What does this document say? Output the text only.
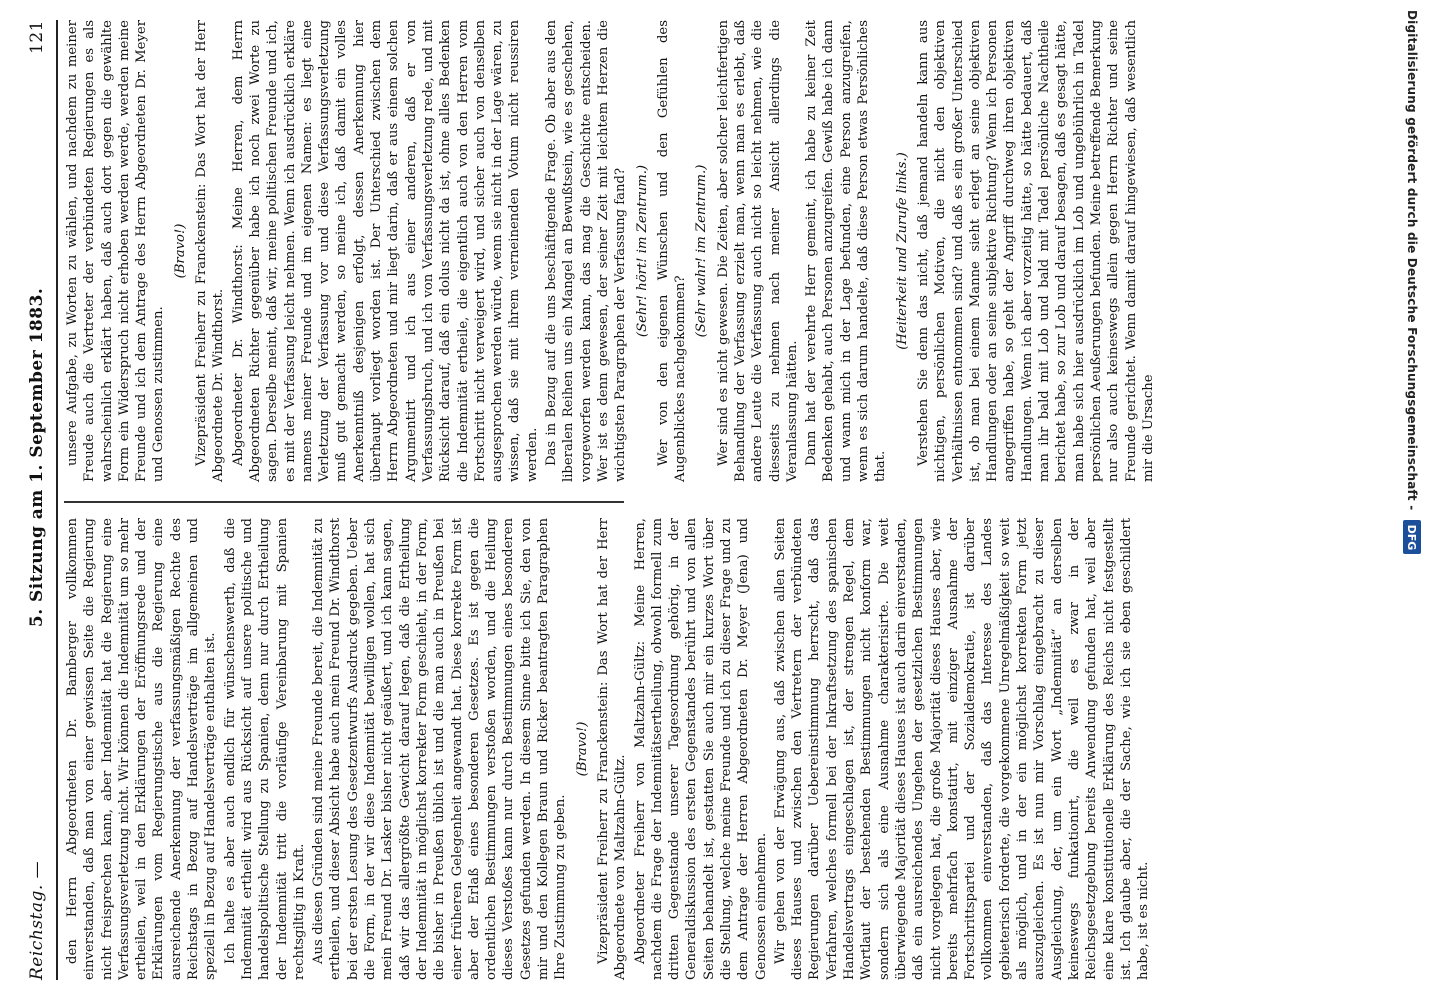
Reichstag. —
5. Sitzung am 1. September 1883.
121

den Herrn Abgeordneten Dr. Bamberger vollkommen einverstanden, daß man von einer gewissen Seite die Regierung nicht freisprechen kann, aber Indemnität hat die Regierung eine Verfassungsverletzung nicht. Wir können die Indemnität um so mehr ertheilen, weil in den Erklärungen der Eröffnungsrede und der Erklärungen vom Regierungstische aus die Regierung eine ausreichende Anerkennung der verfassungsmäßigen Rechte des Reichstags in Bezug auf Handelsverträge im allgemeinen und speziell in Bezug auf Handelsverträge enthalten ist. Ich halte es aber auch endlich für wünschenswerth, daß die Indemnität ertheilt wird aus Rücksicht auf unsere politische und handelspolitische Stellung zu Spanien, denn nur durch Ertheilung der Indemnität tritt die vorläufige Vereinbarung mit Spanien rechtsgiltig in Kraft. Aus diesen Gründen sind meine Freunde bereit, die Indemnität zu ertheilen, und dieser Absicht habe auch mein Freund Dr. Windthorst bei der ersten Lesung des Gesetzentwurfs Ausdruck gegeben. Ueber die Form, in der wir diese Indemnität bewilligen wollen, hat sich mein Freund Dr. Lasker bisher nicht geäußert, und ich kann sagen, daß wir das allergrößte Gewicht darauf legen, daß die Ertheilung der Indemnität in möglichst korrekter Form geschieht, in der Form, die bisher in Preußen üblich ist und die man auch in Preußen bei einer früheren Gelegenheit angewandt hat. Diese korrekte Form ist aber der Erlaß eines besonderen Gesetzes. Es ist gegen die ordentlichen Bestimmungen verstoßen worden, und die Heilung dieses Verstoßes kann nur durch Bestimmungen eines besonderen Gesetzes gefunden werden. In diesem Sinne bitte ich Sie, den von mir und den Kollegen Braun und Ricker beantragten Paragraphen Ihre Zustimmung zu geben.

(Bravo!) Vizepräsident Freiherr zu Franckenstein: Das Wort hat der Herr Abgeordnete von Maltzahn-Gültz. Abgeordneter Freiherr von Maltzahn-Gültz: Meine Herren, nachdem die Frage der Indemnitätsertheilung, obwohl formell zum dritten Gegenstande unserer Tagesordnung gehörig, in der Generaldiskussion des ersten Gegenstandes berührt und von allen Seiten behandelt ist, gestatten Sie auch mir ein kurzes Wort über die Stellung, welche meine Freunde und ich zu dieser Frage und zu dem Antrage der Herren Abgeordneten Dr. Meyer (Jena) und Genossen einnehmen. Wir gehen von der Erwägung aus, daß zwischen allen Seiten dieses Hauses und zwischen den Vertretern der verbündeten Regierungen darüber Uebereinstimmung herrscht, daß das Verfahren, welches formell bei der Inkraftsetzung des spanischen Handelsvertrags eingeschlagen ist, der strengen Regel, dem Wortlaut der bestehenden Bestimmungen nicht konform war, sondern sich als eine Ausnahme charakterisirte. Die weit überwiegende Majorität dieses Hauses ist auch darin einverstanden, daß ein ausreichendes Ungehen der gesetzlichen Bestimmungen nicht vorgelegen hat, die große Majorität dieses Hauses aber, wie bereits mehrfach konstatirt, mit einziger Ausnahme der Fortschrittspartei und der Sozialdemokratie, ist darüber vollkommen einverstanden, daß das Interesse des Landes gebieterisch forderte, die vorgekommene Unregelmäßigkeit so weit als möglich, und in der ein möglichst korrekten Form jetzt auszugleichen. Es ist nun mir Vorschlag eingebracht zu dieser Ausgleichung, der, um ein Wort „Indemnität“ an derselben keineswegs funkationirt, die weil es zwar in der Reichsgesetzgebung bereits Anwendung gefunden hat, weil aber eine klare konstitutionelle Erklärung des Reichs nicht festgestellt ist. Ich glaube aber, die der Sache, wie ich sie eben geschildert habe, ist es nicht.

unsere Aufgabe, zu Worten zu wählen, und nachdem zu meiner Freude auch die Vertreter der verbündeten Regierungen es als wahrscheinlich erklärt haben, daß auch dort gegen die gewählte Form ein Widerspruch nicht erhoben werden werde, werden meine Freunde und ich dem Antrage des Herrn Abgeordneten Dr. Meyer und Genossen zustimmen.

(Bravo!) Vizepräsident Freiherr zu Franckenstein: Das Wort hat der Herr Abgeordnete Dr. Windthorst. Abgeordneter Dr. Windthorst: Meine Herren, dem Herrn Abgeordneten Richter gegenüber habe ich noch zwei Worte zu sagen. Derselbe meint, daß wir, meine politischen Freunde und ich, es mit der Verfassung leicht nehmen. Wenn ich ausdrücklich erkläre namens meiner Freunde und im eigenen Namen: es liegt eine Verletzung der Verfassung vor und diese Verfassungsverletzung muß gut gemacht werden, so meine ich, daß damit ein volles Anerkenntniß desjenigen erfolgt, dessen Anerkennung hier überhaupt vorliegt worden ist. Der Unterschied zwischen dem Herrn Abgeordneten und mir liegt darin, daß er aus einem solchen Argumentirt und ich aus einer anderen, daß er von Verfassungsbruch, und ich von Verfassungsverletzung rede, und mit Rücksicht darauf, daß ein dolus nicht da ist, ohne alles Bedenken die Indemnität ertheile, die eigentlich auch von den Herren vom Fortschritt nicht verweigert wird, und sicher auch von denselben ausgesprochen werden würde, wenn sie nicht in der Lage wären, zu wissen, daß sie mit ihrem verneinenden Votum nicht reussiren werden. Das in Bezug auf die uns beschäftigende Frage. Ob aber aus den liberalen Reihen uns ein Mangel an Bewußtsein, wie es geschehen, vorgeworfen werden kann, das mag die Geschichte entscheiden. Wer ist es denn gewesen, der seiner Zeit mit leichtem Herzen die wichtigsten Paragraphen der Verfassung fand? (Sehr! hört! im Zentrum.) Wer von den eigenen Wünschen und den Gefühlen des Augenblickes nachgekommen?

(Sehr wahr! im Zentrum.) Wer sind es nicht gewesen. Die Zeiten, aber solcher leichtfertigen Behandlung der Verfassung erzielt man, wenn man es erlebt, daß andere Leute die Verfassung auch nicht so leicht nehmen, wie die diesseits zu nehmen nach meiner Ansicht allerdings die Veranlassung hätten. Dann hat der verehrte Herr gemeint, ich habe zu keiner Zeit Bedenken gehabt, auch Personen anzugreifen. Gewiß habe ich dann und wann mich in der Lage befunden, eine Person anzugreifen, wenn es sich darum handelte, daß diese Person etwas Persönliches that.

(Heiterkeit und Zurufe links.) Verstehen Sie denn das nicht, daß jemand handeln kann aus nichtigen, persönlichen Motiven, die nicht den objektiven Verhältnissen entnommen sind? und daß es ein großer Unterschied ist, ob man bei einem Manne sieht erlegt an seine objektiven Handlungen oder an seine subjektive Richtung? Wenn ich Personen angegriffen habe, so geht der Angriff durchweg ihren objektiven Handlungen. Wenn ich aber vorzeitig hätte, so hätte bedauert, daß man ihr bald mit Lob und bald mit Tadel persönliche Nachtheile berichtet habe, so zur Lob und darauf besagen, daß es gesagt hätte, man habe sich hier ausdrücklich im Lob und ungebührlich in Tadel persönlichen Aeußerungen befunden. Meine betreffende Bemerkung nur also auch keineswegs allein gegen Herrn Richter und seine Freunde gerichtet. Wenn damit darauf hingewiesen, daß wesentlich mir die Ursache	Digitalisierung gefördert durch die Deutsche Forschungsgemeinschaft -
DFG
